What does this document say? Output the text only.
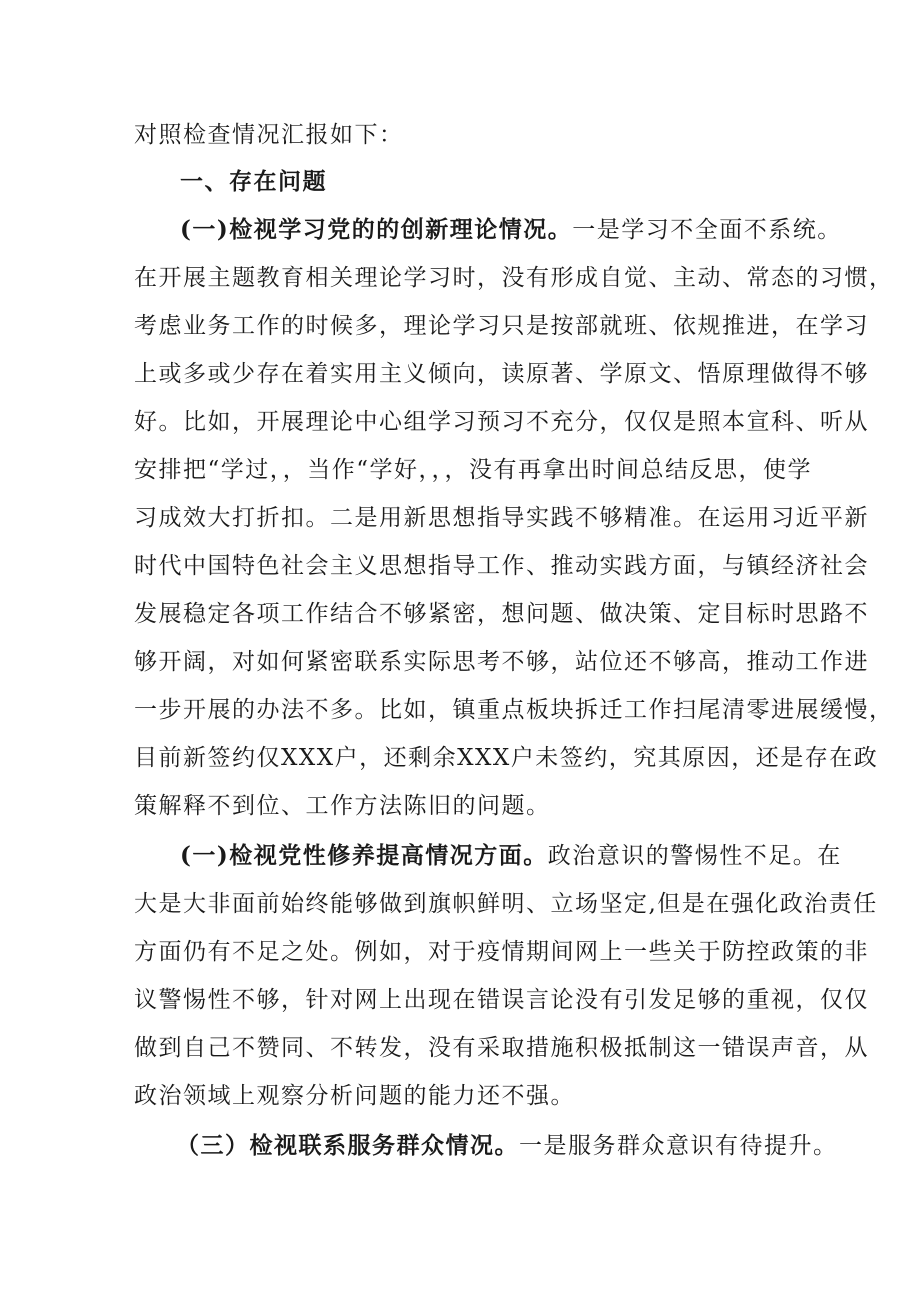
对照检查情况汇报如下：
一、存在问题
(一)检视学习党的的创新理论情况。一是学习不全面不系统。
在开展主题教育相关理论学习时，没有形成自觉、主动、常态的习惯，
考虑业务工作的时候多，理论学习只是按部就班、依规推进，在学习
上或多或少存在着实用主义倾向，读原著、学原文、悟原理做得不够
好。比如，开展理论中心组学习预习不充分，仅仅是照本宣科、听从
安排把“学过，，当作“学好，，，没有再拿出时间总结反思，使学
习成效大打折扣。二是用新思想指导实践不够精准。在运用习近平新
时代中国特色社会主义思想指导工作、推动实践方面，与镇经济社会
发展稳定各项工作结合不够紧密，想问题、做决策、定目标时思路不
够开阔，对如何紧密联系实际思考不够，站位还不够高，推动工作进
一步开展的办法不多。比如，镇重点板块拆迁工作扫尾清零进展缓慢，
目前新签约仅XXX户，还剩余XXX户未签约，究其原因，还是存在政
策解释不到位、工作方法陈旧的问题。
(一)检视党性修养提高情况方面。政治意识的警惕性不足。在
大是大非面前始终能够做到旗帜鲜明、立场坚定,但是在强化政治责任
方面仍有不足之处。例如，对于疫情期间网上一些关于防控政策的非
议警惕性不够，针对网上出现在错误言论没有引发足够的重视，仅仅
做到自己不赞同、不转发，没有采取措施积极抵制这一错误声音，从
政治领域上观察分析问题的能力还不强。
（三）检视联系服务群众情况。一是服务群众意识有待提升。
